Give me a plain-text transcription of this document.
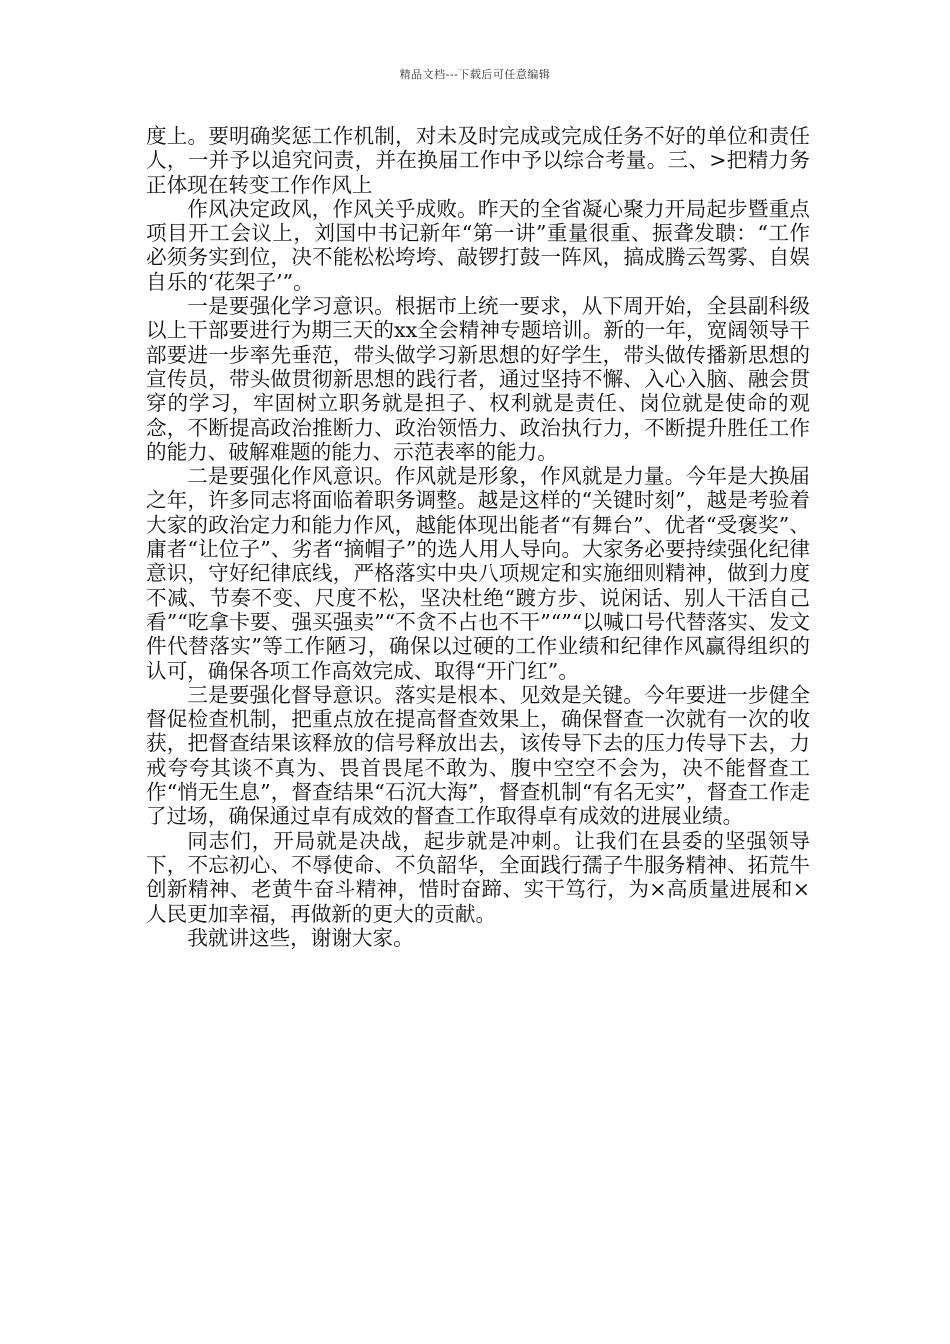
精品文档---下载后可任意编辑

度上。要明确奖惩工作机制，对未及时完成或完成任务不好的单位和责任人，一并予以追究问责，并在换届工作中予以综合考量。三、>把精力务正体现在转变工作作风上

作风决定政风，作风关乎成败。昨天的全省凝心聚力开局起步暨重点项目开工会议上，刘国中书记新年“第一讲”重量很重、振聋发聩：“工作必须务实到位，决不能松松垮垮、敲锣打鼓一阵风，搞成腾云驾雾、自娱自乐的‘花架子’”。

一是要强化学习意识。根据市上统一要求，从下周开始，全县副科级以上干部要进行为期三天的xx全会精神专题培训。新的一年，宽阔领导干部要进一步率先垂范，带头做学习新思想的好学生，带头做传播新思想的宣传员，带头做贯彻新思想的践行者，通过坚持不懈、入心入脑、融会贯穿的学习，牢固树立职务就是担子、权利就是责任、岗位就是使命的观念，不断提高政治推断力、政治领悟力、政治执行力，不断提升胜任工作的能力、破解难题的能力、示范表率的能力。

二是要强化作风意识。作风就是形象，作风就是力量。今年是大换届之年，许多同志将面临着职务调整。越是这样的“关键时刻”，越是考验着大家的政治定力和能力作风，越能体现出能者“有舞台”、优者“受褒奖”、庸者“让位子”、劣者“摘帽子”的选人用人导向。大家务必要持续强化纪律意识，守好纪律底线，严格落实中央八项规定和实施细则精神，做到力度不减、节奏不变、尺度不松，坚决杜绝“踱方步、说闲话、别人干活自己看”“吃拿卡要、强买强卖”“不贪不占也不干”“”“以喊口号代替落实、发文件代替落实”等工作陋习，确保以过硬的工作业绩和纪律作风赢得组织的认可，确保各项工作高效完成、取得“开门红”。

三是要强化督导意识。落实是根本、见效是关键。今年要进一步健全督促检查机制，把重点放在提高督查效果上，确保督查一次就有一次的收获，把督查结果该释放的信号释放出去，该传导下去的压力传导下去，力戒夸夸其谈不真为、畏首畏尾不敢为、腹中空空不会为，决不能督查工作“悄无生息”，督查结果“石沉大海”，督查机制“有名无实”，督查工作走了过场，确保通过卓有成效的督查工作取得卓有成效的进展业绩。

同志们，开局就是决战，起步就是冲刺。让我们在县委的坚强领导下，不忘初心、不辱使命、不负韶华，全面践行孺子牛服务精神、拓荒牛创新精神、老黄牛奋斗精神，惜时奋蹄、实干笃行，为×高质量进展和×人民更加幸福，再做新的更大的贡献。

我就讲这些，谢谢大家。
